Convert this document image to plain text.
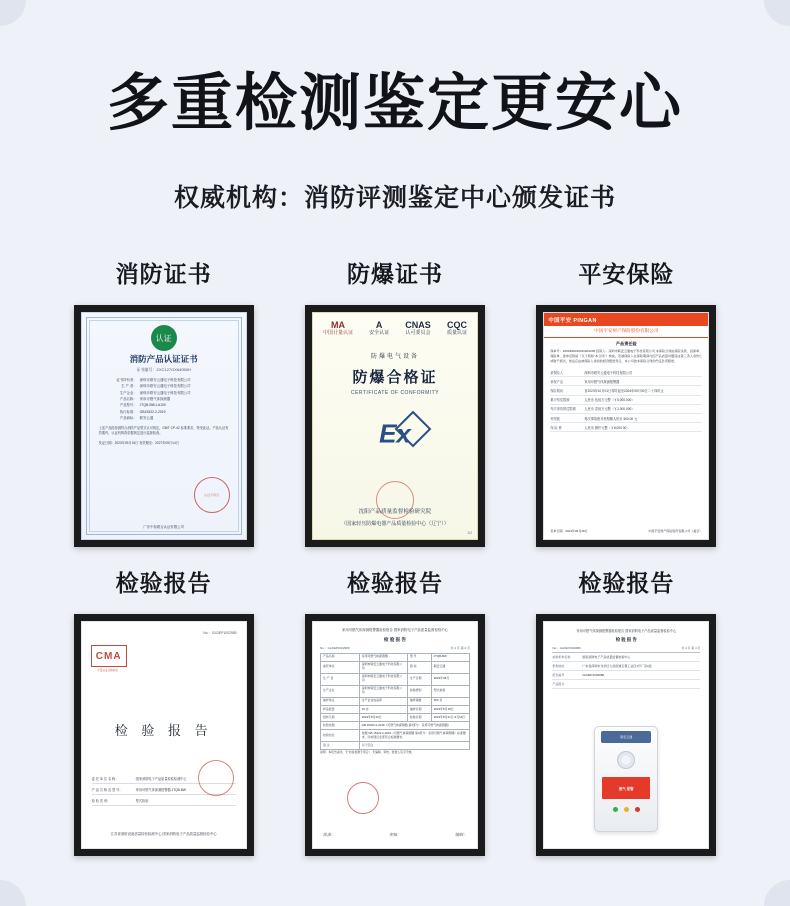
多重检测鉴定更安心

权威机构：消防评测鉴定中心颁发证书

消防证书
认证
消防产品认证证书
证书编号：ZXC127GX64050H
证书持有者： 深圳市联安云通电子科技有限公司
生 产 者： 深圳市联安云通电子科技有限公司
生产企业： 深圳市联安云通电子科技有限公司
产品名称： 家用可燃气体探测器
产品型号： JTQB-BW-LA100
执行标准： GB15322.2-2019
产品商标： 联安云通
上述产品经检测符合消防产品型式认可规定，GB/T CP-42 标准要求，特发此证。产品认证有效期内，认证机构将依据规定进行监督检查。
发证日期：2023年09月15日 有效期至：2027年09月14日
认证专用章
广东中检联合认证有限公司
防爆证书
MA
中国计量认证
A
安全认证
CNAS
认可委员会
CQC
质量认证
防爆电气设备
防爆合格证
CERTIFICATE OF CONFORMITY
Ex
沈阳产品质量监督检验研究院
（国家轻压防爆电器产品质量检验中心（辽宁））
1/2
平安保险
中国平安 PINGAN
中国平安财产保险股份有限公司
产品责任险
保单号：1062480015311601205 投保人：深圳市联安云通电子科技有限公司 本保险合同由保险条款、投保单、保险单、批单及附贴（以下简称“本合同”）构成。若被保险人在保险期间内因产品质量问题造成第三者人身伤亡或财产损失，依法应由被保险人承担的经济赔偿责任，本公司按本保险合同的约定负责赔偿。
被保险人	深圳市联安云通电子科技有限公司
承保产品	家用可燃气体探测报警器
保险期间	自2023年10月01日零时起至2024年09月30日二十四时止
累计赔偿限额	人民币 伍佰万元整（￥5,000,000）
每次事故赔偿限额	人民币 壹佰万元整（￥1,000,000）
免赔额	每次事故绝对免赔额人民币 500.00 元
保 险 费	人民币 捌仟元整（￥8,000.00）
签单日期：2023年09月28日	中国平安财产保险股份有限公司（盖章）
检验报告
No.：GLDEP1002980
CMA
计量认证合格标志
检 验 报 告
委 托 单 位 名 称：	国家消防电子产品质量检验检测中心
产 品 名 称 及 型 号：	家用可燃气体探测报警器 JTQB-BW
检 验 类 别：	型式检验
江苏省消防设备质量检验检测中心 国家消防电子产品质量监督检验中心
检验报告
家用可燃气体探测报警器检验报告 国家消防电子产品质量监督检验中心
检 验 报 告
No.：GLDEP1002980	共 4 页 第 2 页
产品名称	家用可燃气体探测器	型 号	JTQB-BW
委托单位	深圳市联安云通电子科技有限公司	商 标	联安云通
生 产 者	深圳市联安云通电子科技有限公司	生产日期	2023年08月
生产企业	深圳市联安云通电子科技有限公司	检验类别	型式检验
抽样地点	生产企业成品库	抽样基数	500 台
样品数量	15 台	抽样日期	2023年8月18日
到样日期	2023年8月20日	检验日期	2023年8月21日-9月15日
检验依据	GB 15322.2-2019《可燃气体探测器 第2部分：家用可燃气体探测器》		
检验结论	依据 GB 15322.2-2019《可燃气体探测器 第2部分：家用可燃气体探测器》标准要求，所检项目全部符合标准要求。		
备 注	以下空白		
说明：本报告涂改、无“检验检测专用章”、无编制、审核、批准人签字无效。
批准：	审核：	编制：
检验报告
家用可燃气体探测报警器检验报告 国家消防电子产品质量监督检验中心
检 验 报 告
No.：GLDEP1002980	共 4 页 第 4 页
检验机构名称	国家消防电子产品质量监督检验中心
机构地址	广东省深圳市龙华区大浪街道石观工业区1号厂房3层
报告编号	GLDEP1002980
产品照片
联安云通
燃气 报警
